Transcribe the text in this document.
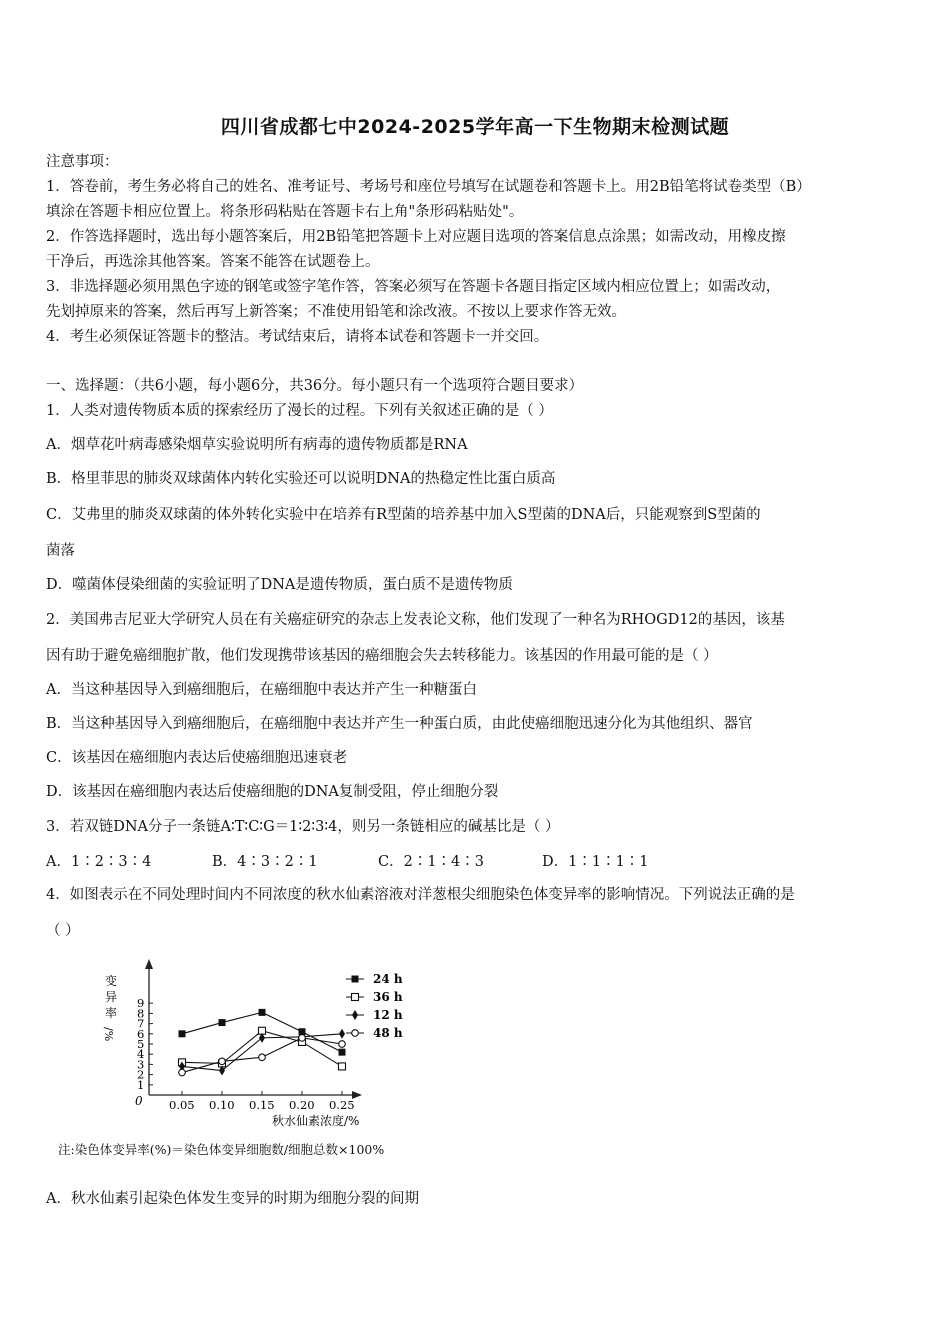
四川省成都七中2024-2025学年高一下生物期末检测试题
注意事项：
1．答卷前，考生务必将自己的姓名、准考证号、考场号和座位号填写在试题卷和答题卡上。用2B铅笔将试卷类型（B）
填涂在答题卡相应位置上。将条形码粘贴在答题卡右上角"条形码粘贴处"。
2．作答选择题时，选出每小题答案后，用2B铅笔把答题卡上对应题目选项的答案信息点涂黑；如需改动，用橡皮擦
干净后，再选涂其他答案。答案不能答在试题卷上。
3．非选择题必须用黑色字迹的钢笔或签字笔作答，答案必须写在答题卡各题目指定区域内相应位置上；如需改动，
先划掉原来的答案，然后再写上新答案；不准使用铅笔和涂改液。不按以上要求作答无效。
4．考生必须保证答题卡的整洁。考试结束后，请将本试卷和答题卡一并交回。
一、选择题：（共6小题，每小题6分，共36分。每小题只有一个选项符合题目要求）
1．人类对遗传物质本质的探索经历了漫长的过程。下列有关叙述正确的是（ ）
A．烟草花叶病毒感染烟草实验说明所有病毒的遗传物质都是RNA
B．格里菲思的肺炎双球菌体内转化实验还可以说明DNA的热稳定性比蛋白质高
C．艾弗里的肺炎双球菌的体外转化实验中在培养有R型菌的培养基中加入S型菌的DNA后，只能观察到S型菌的
菌落
D．噬菌体侵染细菌的实验证明了DNA是遗传物质，蛋白质不是遗传物质
2．美国弗吉尼亚大学研究人员在有关癌症研究的杂志上发表论文称，他们发现了一种名为RHOGD12的基因，该基
因有助于避免癌细胞扩散，他们发现携带该基因的癌细胞会失去转移能力。该基因的作用最可能的是（ ）
A．当这种基因导入到癌细胞后，在癌细胞中表达并产生一种糖蛋白
B．当这种基因导入到癌细胞后，在癌细胞中表达并产生一种蛋白质，由此使癌细胞迅速分化为其他组织、器官
C．该基因在癌细胞内表达后使癌细胞迅速衰老
D．该基因在癌细胞内表达后使癌细胞的DNA复制受阻，停止细胞分裂
3．若双链DNA分子一条链A∶T∶C∶G＝1∶2∶3∶4，则另一条链相应的碱基比是（ ）
A．1∶2∶3∶4	B．4∶3∶2∶1	C．2∶1∶4∶3	D．1∶1∶1∶1
4．如图表示在不同处理时间内不同浓度的秋水仙素溶液对洋葱根尖细胞染色体变异率的影响情况。下列说法正确的是
（ ）
0
1
2
3
4
5
6
7
8
9
0.05 0.10 0.15 0.20 0.25
变
异
率
/%
秋水仙素浓度/%
24 h
36 h
12 h
48 h
注:染色体变异率(%)＝染色体变异细胞数/细胞总数×100%
A．秋水仙素引起染色体发生变异的时期为细胞分裂的间期
